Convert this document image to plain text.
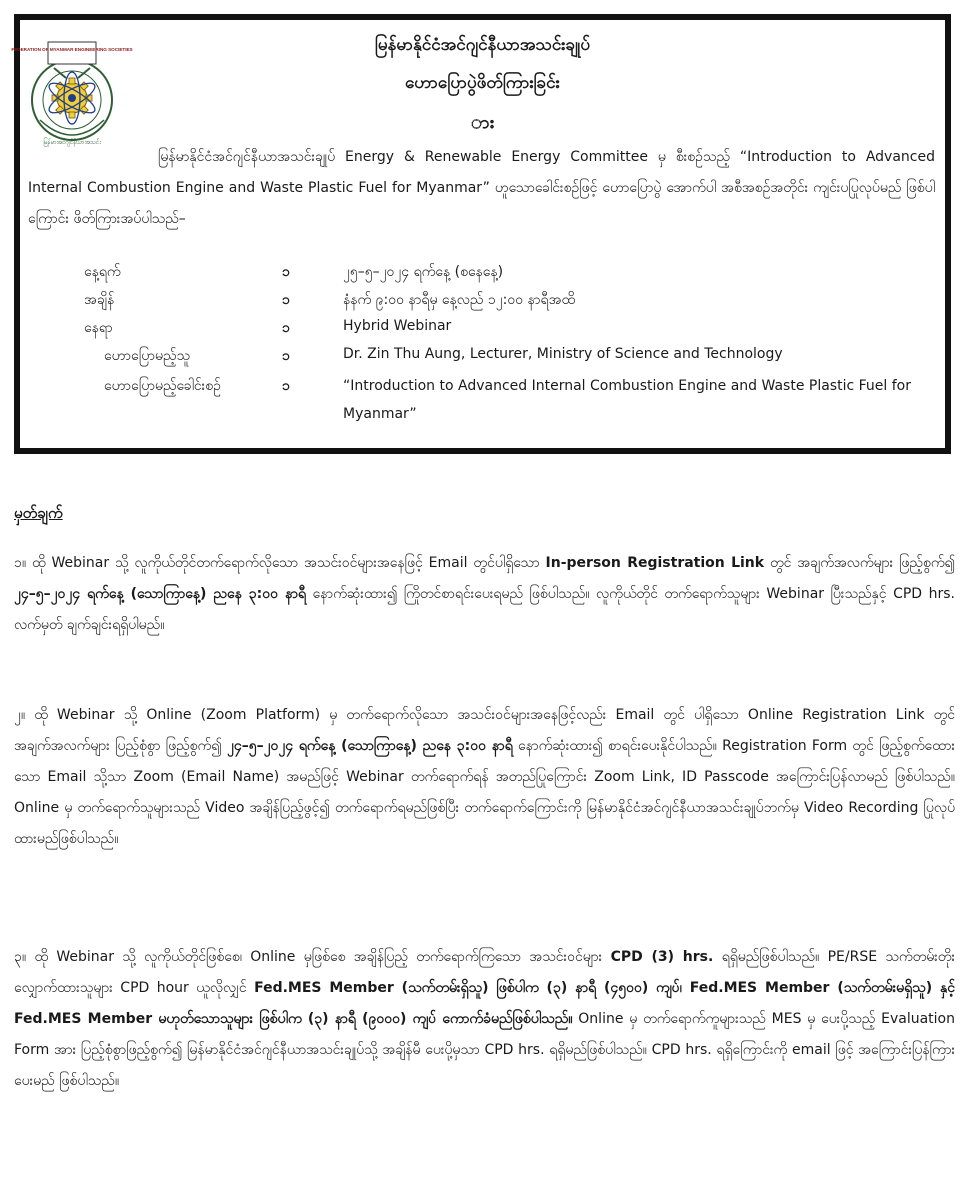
FEDERATION OF MYANMAR ENGINEERING SOCIETIES
မြန်မာအင်ဂျင်နီယာအသင်း
မြန်မာနိုင်ငံအင်ဂျင်နီယာအသင်းချုပ်
ဟောပြောပွဲဖိတ်ကြားခြင်း
ား
မြန်မာနိုင်ငံအင်ဂျင်နီယာအသင်းချုပ် Energy & Renewable Energy Committee မှ စီးစဉ်သည့် “Introduction to Advanced Internal Combustion Engine and Waste Plastic Fuel for Myanmar” ဟူသောခေါင်းစဉ်ဖြင့် ဟောပြောပွဲ အောက်ပါ အစီအစဉ်အတိုင်း ကျင်းပပြုလုပ်မည် ဖြစ်ပါကြောင်း ဖိတ်ကြားအပ်ပါသည်–
နေ့ရက်	၁	၂၅–၅–၂၀၂၄ ရက်နေ့ (စနေနေ့)
အချိန်	၁	နံနက် ၉:၀၀ နာရီမှ နေ့လည် ၁၂:၀၀ နာရီအထိ
နေရာ	၁	Hybrid Webinar
ဟောပြောမည့်သူ	၁	Dr. Zin Thu Aung, Lecturer, Ministry of Science and Technology
ဟောပြောမည့်ခေါင်းစဉ်	၁	“Introduction to Advanced Internal Combustion Engine and Waste Plastic Fuel for Myanmar”
မှတ်ချက်
၁။ ထို Webinar သို့ လူကိုယ်တိုင်တက်ရောက်လိုသော အသင်းဝင်များအနေဖြင့် Email တွင်ပါရှိသော In-person Registration Link တွင် အချက်အလက်များ ဖြည့်စွက်၍ ၂၄–၅–၂၀၂၄ ရက်နေ့ (သောကြာနေ့) ညနေ ၃:၀၀ နာရီ နောက်ဆုံးထား၍ ကြိုတင်စာရင်းပေးရမည် ဖြစ်ပါသည်။ လူကိုယ်တိုင် တက်ရောက်သူများ Webinar ပြီးသည်နှင့် CPD hrs. လက်မှတ် ချက်ချင်းရရှိပါမည်။
၂။ ထို Webinar သို့ Online (Zoom Platform) မှ တက်ရောက်လိုသော အသင်းဝင်များအနေဖြင့်လည်း Email တွင် ပါရှိသော Online Registration Link တွင် အချက်အလက်များ ပြည့်စုံစွာ ဖြည့်စွက်၍ ၂၄–၅–၂၀၂၄ ရက်နေ့ (သောကြာနေ့) ညနေ ၃:၀၀ နာရီ နောက်ဆုံးထား၍ စာရင်းပေးနိုင်ပါသည်။ Registration Form တွင် ဖြည့်စွက်ထေားသော Email သို့သာ Zoom (Email Name) အမည်ဖြင့် Webinar တက်ရောက်ရန် အတည်ပြုကြောင်း Zoom Link, ID Passcode အကြောင်းပြန်လာမည် ဖြစ်ပါသည်။ Online မှ တက်ရောက်သူများသည် Video အချိန်ပြည့်ဖွင့်၍ တက်ရောက်ရမည်ဖြစ်ပြီး တက်ရောက်ကြောင်းကို မြန်မာနိုင်ငံအင်ဂျင်နီယာအသင်းချုပ်ဘက်မှ Video Recording ပြုလုပ်ထားမည်ဖြစ်ပါသည်။
၃။ ထို Webinar သို့ လူကိုယ်တိုင်ဖြစ်စေ၊ Online မှဖြစ်စေ အချိန်ပြည့် တက်ရောက်ကြသော အသင်းဝင်များ CPD (3) hrs. ရရှိမည်ဖြစ်ပါသည်။ PE/RSE သက်တမ်းတိုးလျှောက်ထားသူများ CPD hour ယူလိုလျှင် Fed.MES Member (သက်တမ်းရှိသူ) ဖြစ်ပါက (၃) နာရီ (၄၅၀၀) ကျပ်၊ Fed.MES Member (သက်တမ်းမရှိသူ) နှင့် Fed.MES Member မဟုတ်သောသူများ ဖြစ်ပါက (၃) နာရီ (၉၀၀၀) ကျပ် ကောက်ခံမည်ဖြစ်ပါသည်။ Online မှ တက်ရောက်ကူများသည် MES မှ ပေးပို့သည့် Evaluation Form အား ပြည့်စုံစွာဖြည့်စွက်၍ မြန်မာနိုင်ငံအင်ဂျင်နီယာအသင်းချုပ်သို့ အချိန်မီ ပေးပို့မှသာ CPD hrs. ရရှိမည်ဖြစ်ပါသည်။ CPD hrs. ရရှိကြောင်းကို email ဖြင့် အကြောင်းပြန်ကြားပေးမည် ဖြစ်ပါသည်။
